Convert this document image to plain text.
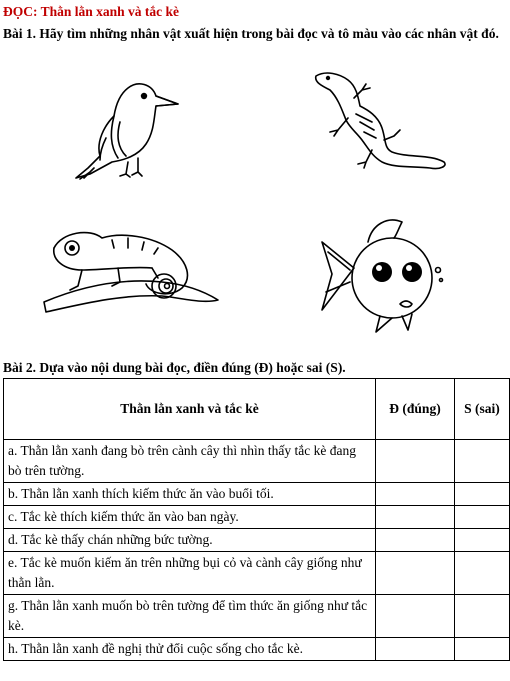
ĐỌC: Thằn lằn xanh và tắc kè
Bài 1. Hãy tìm những nhân vật xuất hiện trong bài đọc và tô màu vào các nhân vật đó.
Bài 2. Dựa vào nội dung bài đọc, điền đúng (Đ) hoặc sai (S).
Thằn lằn xanh và tắc kè	Đ (đúng)	S (sai)
a. Thằn lằn xanh đang bò trên cành cây thì nhìn thấy tắc kè đang bò trên tường.		
b. Thằn lằn xanh thích kiếm thức ăn vào buổi tối.		
c. Tắc kè thích kiếm thức ăn vào ban ngày.		
d. Tắc kè thấy chán những bức tường.		
e. Tắc kè muốn kiếm ăn trên những bụi cỏ và cành cây giống như thằn lằn.		
g. Thằn lằn xanh muốn bò trên tường để tìm thức ăn giống như tắc kè.		
h. Thằn lằn xanh đề nghị thử đổi cuộc sống cho tắc kè.		
